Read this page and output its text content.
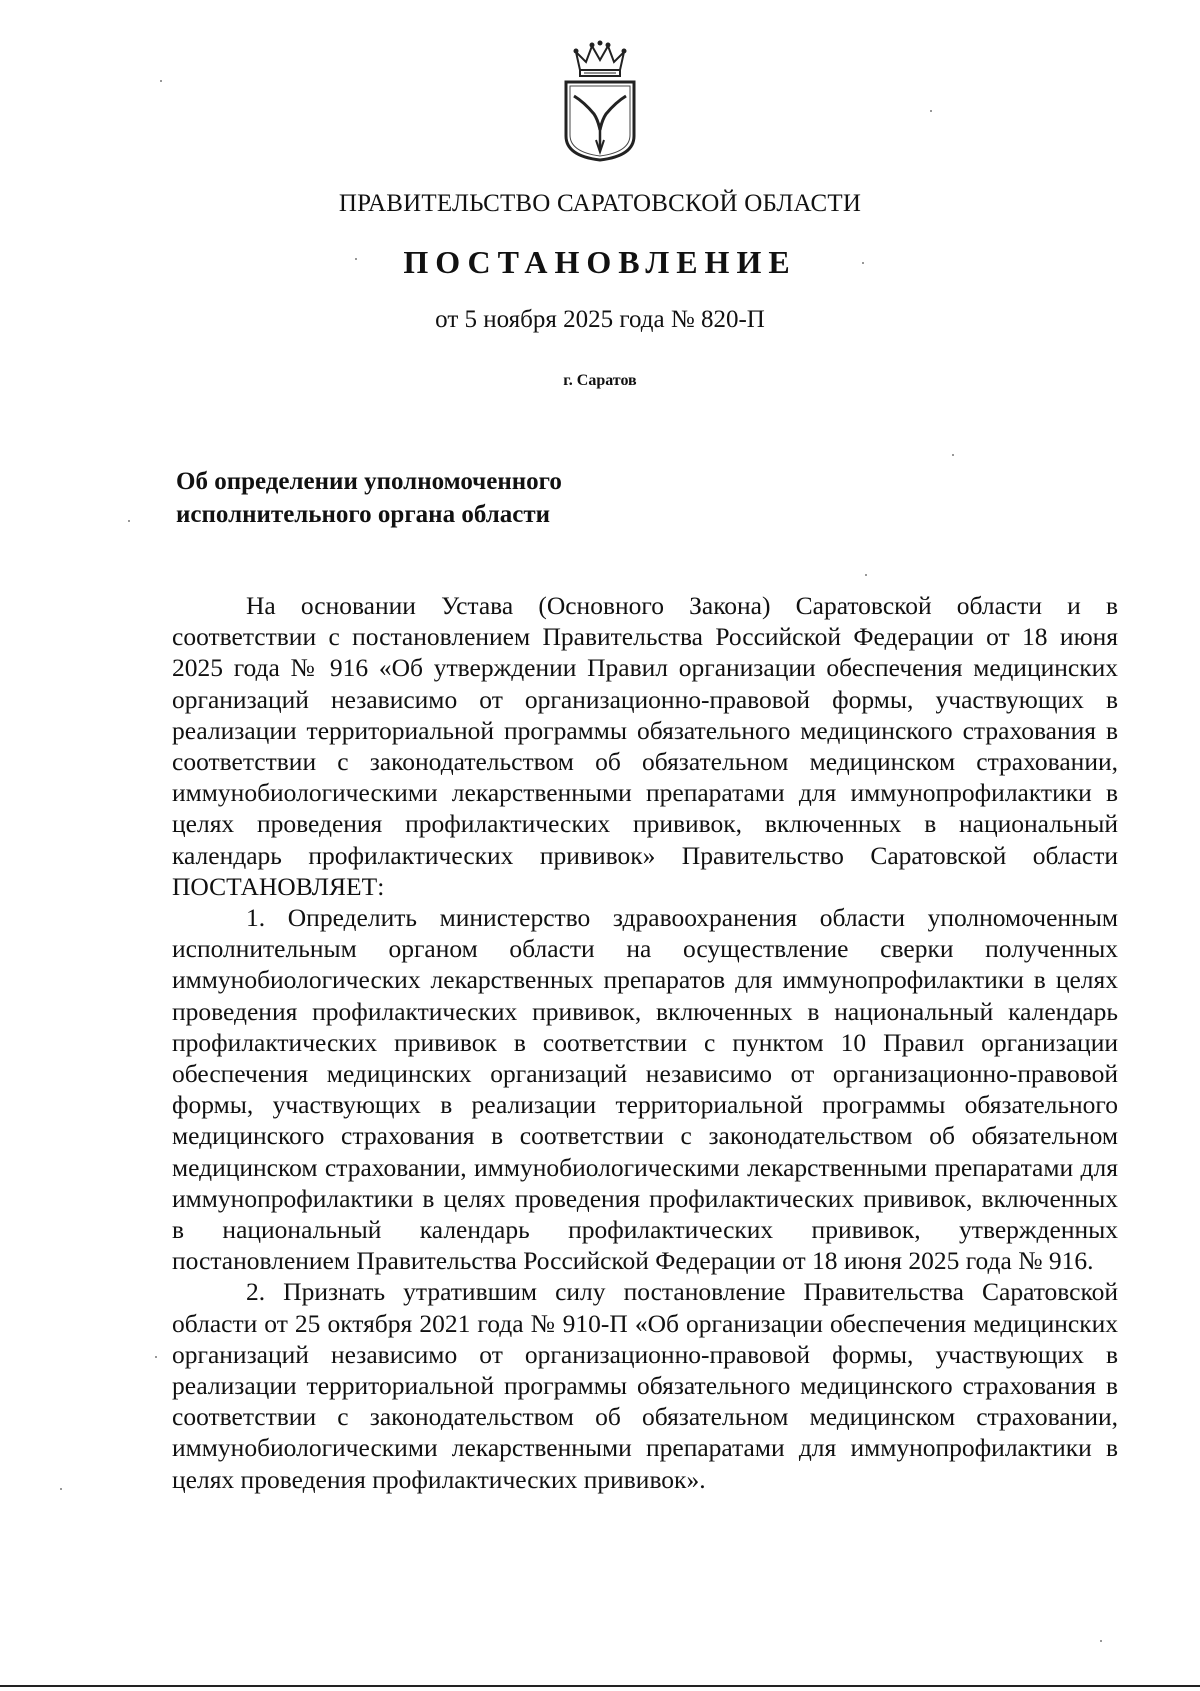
ПРАВИТЕЛЬСТВО САРАТОВСКОЙ ОБЛАСТИ
ПОСТАНОВЛЕНИЕ
от 5 ноября 2025 года № 820-П
г. Саратов
Об определении уполномоченного
исполнительного органа области

На основании Устава (Основного Закона) Саратовской области и в соответствии с постановлением Правительства Российской Федерации от 18 июня 2025 года № 916 «Об утверждении Правил организации обеспечения медицинских организаций независимо от организационно-правовой формы, участвующих в реализации территориальной программы обязательного медицинского страхования в соответствии с законодательством об обязательном медицинском страховании, иммунобиологическими лекарственными препаратами для иммунопрофилактики в целях проведения профилактических прививок, включенных в национальный календарь профилактических прививок» Правительство Саратовской области ПОСТАНОВЛЯЕТ:

1. Определить министерство здравоохранения области уполномоченным исполнительным органом области на осуществление сверки полученных иммунобиологических лекарственных препаратов для иммунопрофилактики в целях проведения профилактических прививок, включенных в национальный календарь профилактических прививок в соответствии с пунктом 10 Правил организации обеспечения медицинских организаций независимо от организационно-правовой формы, участвующих в реализации территориальной программы обязательного медицинского страхования в соответствии с законодательством об обязательном медицинском страховании, иммунобиологическими лекарственными препаратами для иммунопрофилактики в целях проведения профилактических прививок, включенных в национальный календарь профилактических прививок, утвержденных постановлением Правительства Российской Федерации от 18 июня 2025 года № 916.

2. Признать утратившим силу постановление Правительства Саратовской области от 25 октября 2021 года № 910-П «Об организации обеспечения медицинских организаций независимо от организационно-правовой формы, участвующих в реализации территориальной программы обязательного медицинского страхования в соответствии с законодательством об обязательном медицинском страховании, иммунобиологическими лекарственными препаратами для иммунопрофилактики в целях проведения профилактических прививок».
